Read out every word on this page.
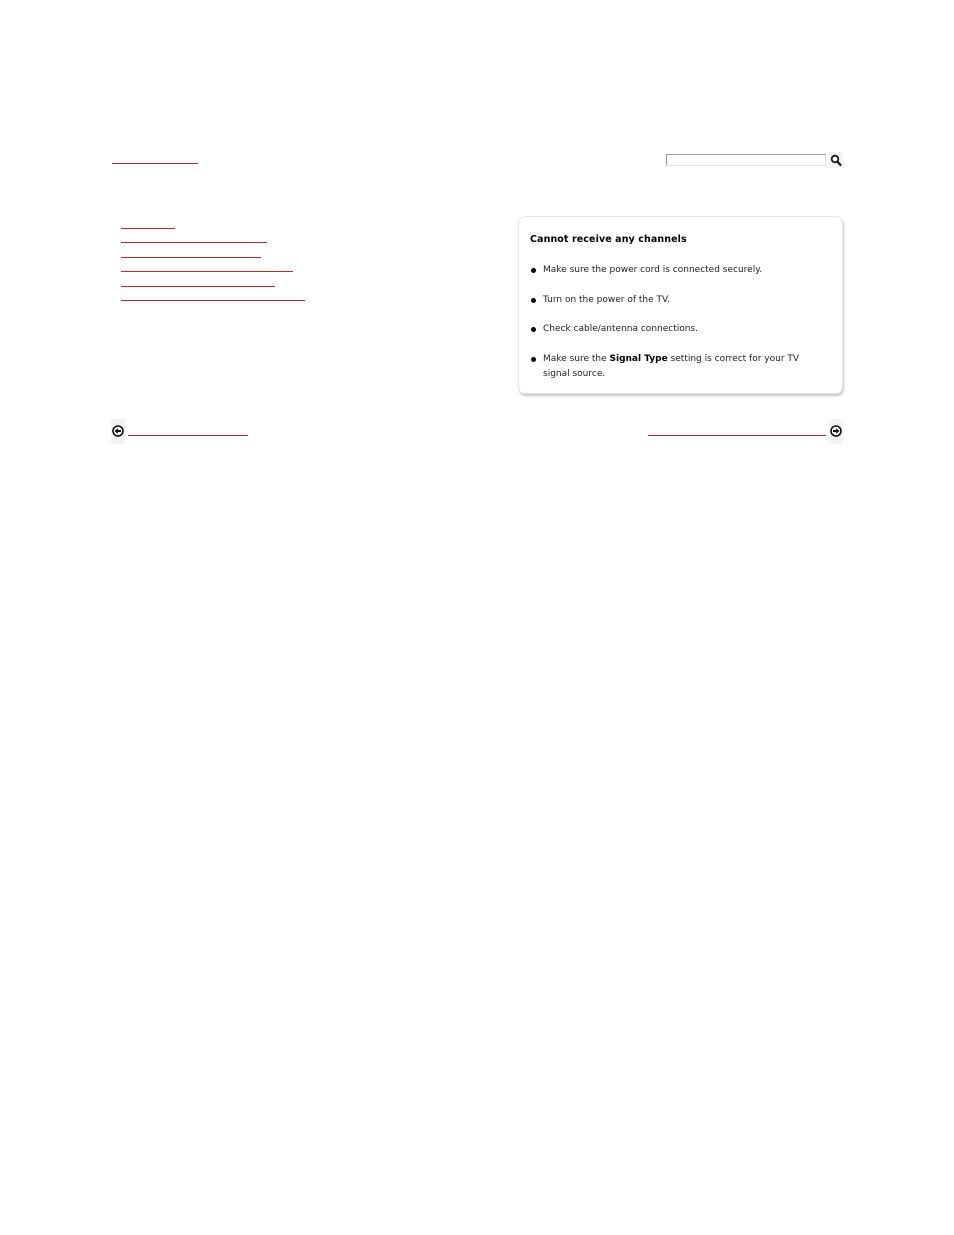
Cannot receive any channels
Make sure the power cord is connected securely.
Turn on the power of the TV.
Check cable/antenna connections.
Make sure the Signal Type setting is correct for your TV signal source.
